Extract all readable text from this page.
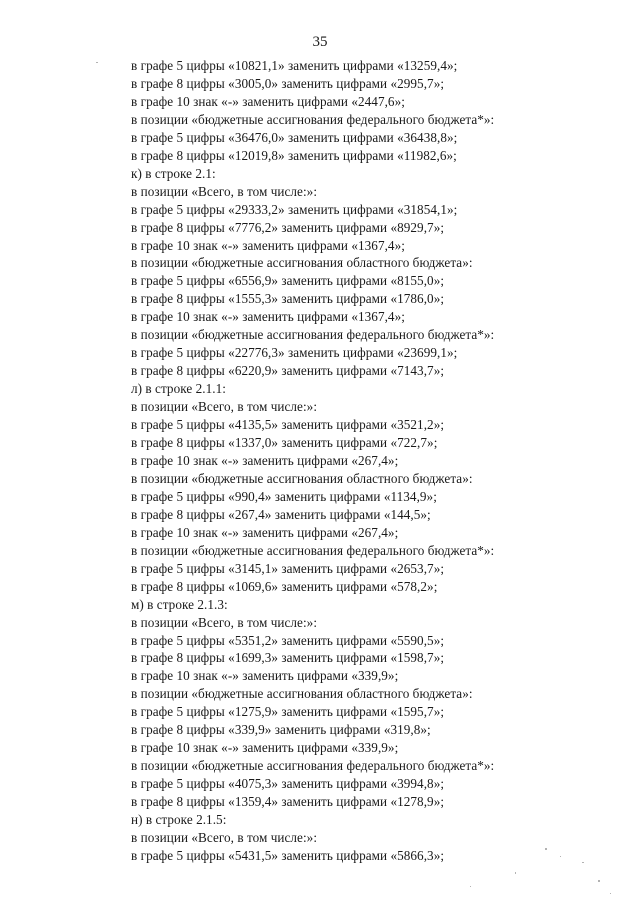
35
в графе 5 цифры «10821,1» заменить цифрами «13259,4»;
в графе 8 цифры «3005,0» заменить цифрами «2995,7»;
в графе 10 знак «-» заменить цифрами «2447,6»;
в позиции «бюджетные ассигнования федерального бюджета*»:
в графе 5 цифры «36476,0» заменить цифрами «36438,8»;
в графе 8 цифры «12019,8» заменить цифрами «11982,6»;
к) в строке 2.1:
в позиции «Всего, в том числе:»:
в графе 5 цифры «29333,2» заменить цифрами «31854,1»;
в графе 8 цифры «7776,2» заменить цифрами «8929,7»;
в графе 10 знак «-» заменить цифрами «1367,4»;
в позиции «бюджетные ассигнования областного бюджета»:
в графе 5 цифры «6556,9» заменить цифрами «8155,0»;
в графе 8 цифры «1555,3» заменить цифрами «1786,0»;
в графе 10 знак «-» заменить цифрами «1367,4»;
в позиции «бюджетные ассигнования федерального бюджета*»:
в графе 5 цифры «22776,3» заменить цифрами «23699,1»;
в графе 8 цифры «6220,9» заменить цифрами «7143,7»;
л) в строке 2.1.1:
в позиции «Всего, в том числе:»:
в графе 5 цифры «4135,5» заменить цифрами «3521,2»;
в графе 8 цифры «1337,0» заменить цифрами «722,7»;
в графе 10 знак «-» заменить цифрами «267,4»;
в позиции «бюджетные ассигнования областного бюджета»:
в графе 5 цифры «990,4» заменить цифрами «1134,9»;
в графе 8 цифры «267,4» заменить цифрами «144,5»;
в графе 10 знак «-» заменить цифрами «267,4»;
в позиции «бюджетные ассигнования федерального бюджета*»:
в графе 5 цифры «3145,1» заменить цифрами «2653,7»;
в графе 8 цифры «1069,6» заменить цифрами «578,2»;
м) в строке 2.1.3:
в позиции «Всего, в том числе:»:
в графе 5 цифры «5351,2» заменить цифрами «5590,5»;
в графе 8 цифры «1699,3» заменить цифрами «1598,7»;
в графе 10 знак «-» заменить цифрами «339,9»;
в позиции «бюджетные ассигнования областного бюджета»:
в графе 5 цифры «1275,9» заменить цифрами «1595,7»;
в графе 8 цифры «339,9» заменить цифрами «319,8»;
в графе 10 знак «-» заменить цифрами «339,9»;
в позиции «бюджетные ассигнования федерального бюджета*»:
в графе 5 цифры «4075,3» заменить цифрами «3994,8»;
в графе 8 цифры «1359,4» заменить цифрами «1278,9»;
н) в строке 2.1.5:
в позиции «Всего, в том числе:»:
в графе 5 цифры «5431,5» заменить цифрами «5866,3»;
